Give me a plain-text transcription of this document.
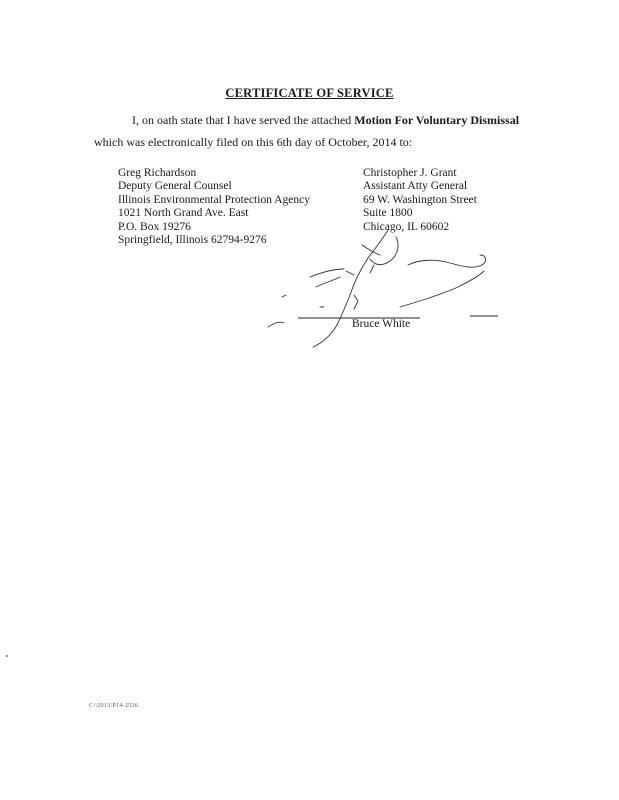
CERTIFICATE OF SERVICE
I, on oath state that I have served the attached Motion For Voluntary Dismissal
which was electronically filed on this 6th day of October, 2014 to:
Greg Richardson
Deputy General Counsel
Illinois Environmental Protection Agency
1021 North Grand Ave. East
P.O. Box 19276
Springfield, Illinois 62794-9276
Christopher J. Grant
Assistant Atty General
69 W. Washington Street
Suite 1800
Chicago, IL 60602
Bruce White
C:\2013\P14-2536
